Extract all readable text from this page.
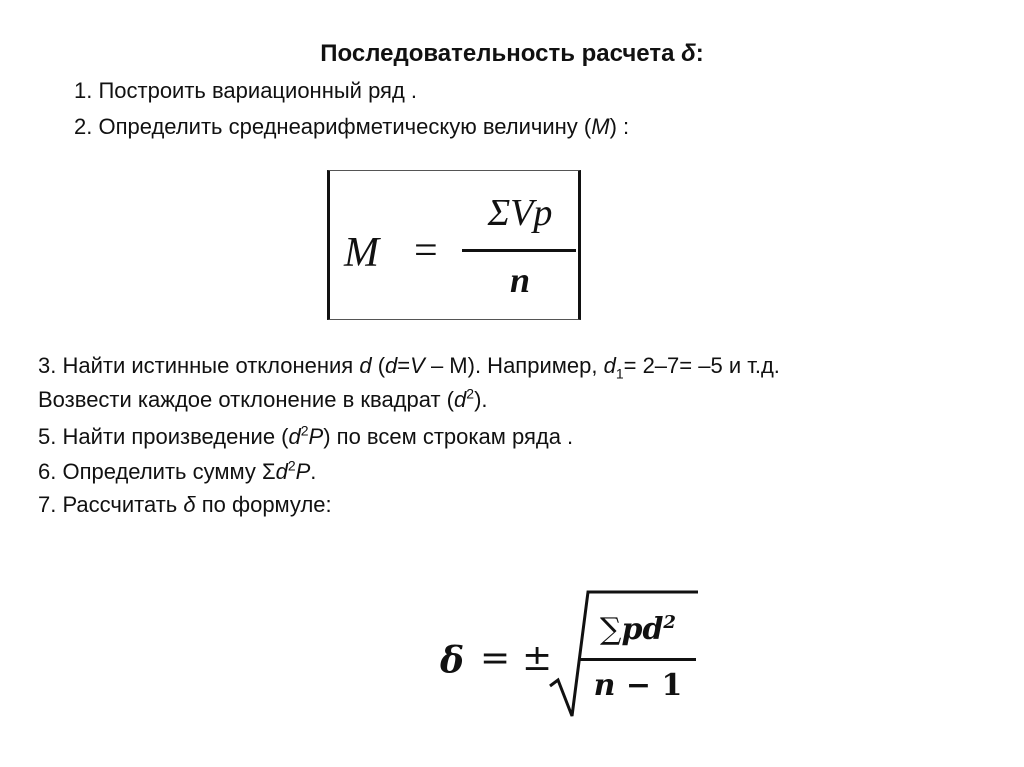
Последовательность расчета δ:
1. Построить вариационный ряд .
2. Определить среднеарифметическую величину (М) :
M =
ΣVp
n
3. Найти истинные отклонения d (d=V – M). Например, $d_1= 2-7= -5$ и т.д.
Возвести каждое отклонение в квадрат $(d^2)$.
5. Найти произведение $(d^2P)$ по всем строкам ряда .
6. Определить сумму $\Sigma d^2P$.
7. Рассчитать δ по формуле:
δ = ±
$\sum pd^2$
n − 1
